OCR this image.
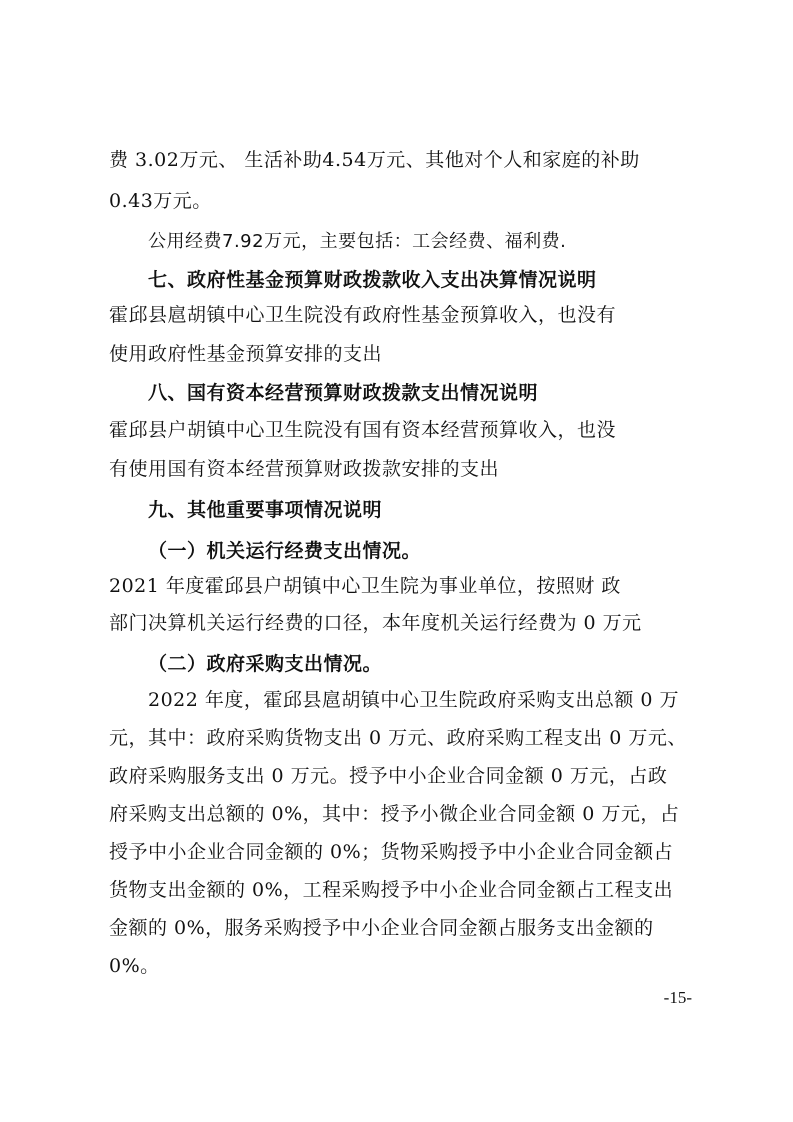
费 3.02万元、 生活补助4.54万元、其他对个人和家庭的补助
0.43万元。
公用经费7.92万元，主要包括：工会经费、福利费.
七、政府性基金预算财政拨款收入支出决算情况说明
霍邱县扈胡镇中心卫生院没有政府性基金预算收入，也没有
使用政府性基金预算安排的支出
八、国有资本经营预算财政拨款支出情况说明
霍邱县户胡镇中心卫生院没有国有资本经营预算收入，也没
有使用国有资本经营预算财政拨款安排的支出
九、其他重要事项情况说明
（一）机关运行经费支出情况。
2021 年度霍邱县户胡镇中心卫生院为事业单位，按照财 政
部门决算机关运行经费的口径，本年度机关运行经费为 0 万元
（二）政府采购支出情况。
2022 年度，霍邱县扈胡镇中心卫生院政府采购支出总额 0 万
元，其中：政府采购货物支出 0 万元、政府采购工程支出 0 万元、
政府采购服务支出 0 万元。授予中小企业合同金额 0 万元，占政
府采购支出总额的 0%，其中：授予小微企业合同金额 0 万元，占
授予中小企业合同金额的 0%；货物采购授予中小企业合同金额占
货物支出金额的 0%，工程采购授予中小企业合同金额占工程支出
金额的 0%，服务采购授予中小企业合同金额占服务支出金额的
0%。
-15-
